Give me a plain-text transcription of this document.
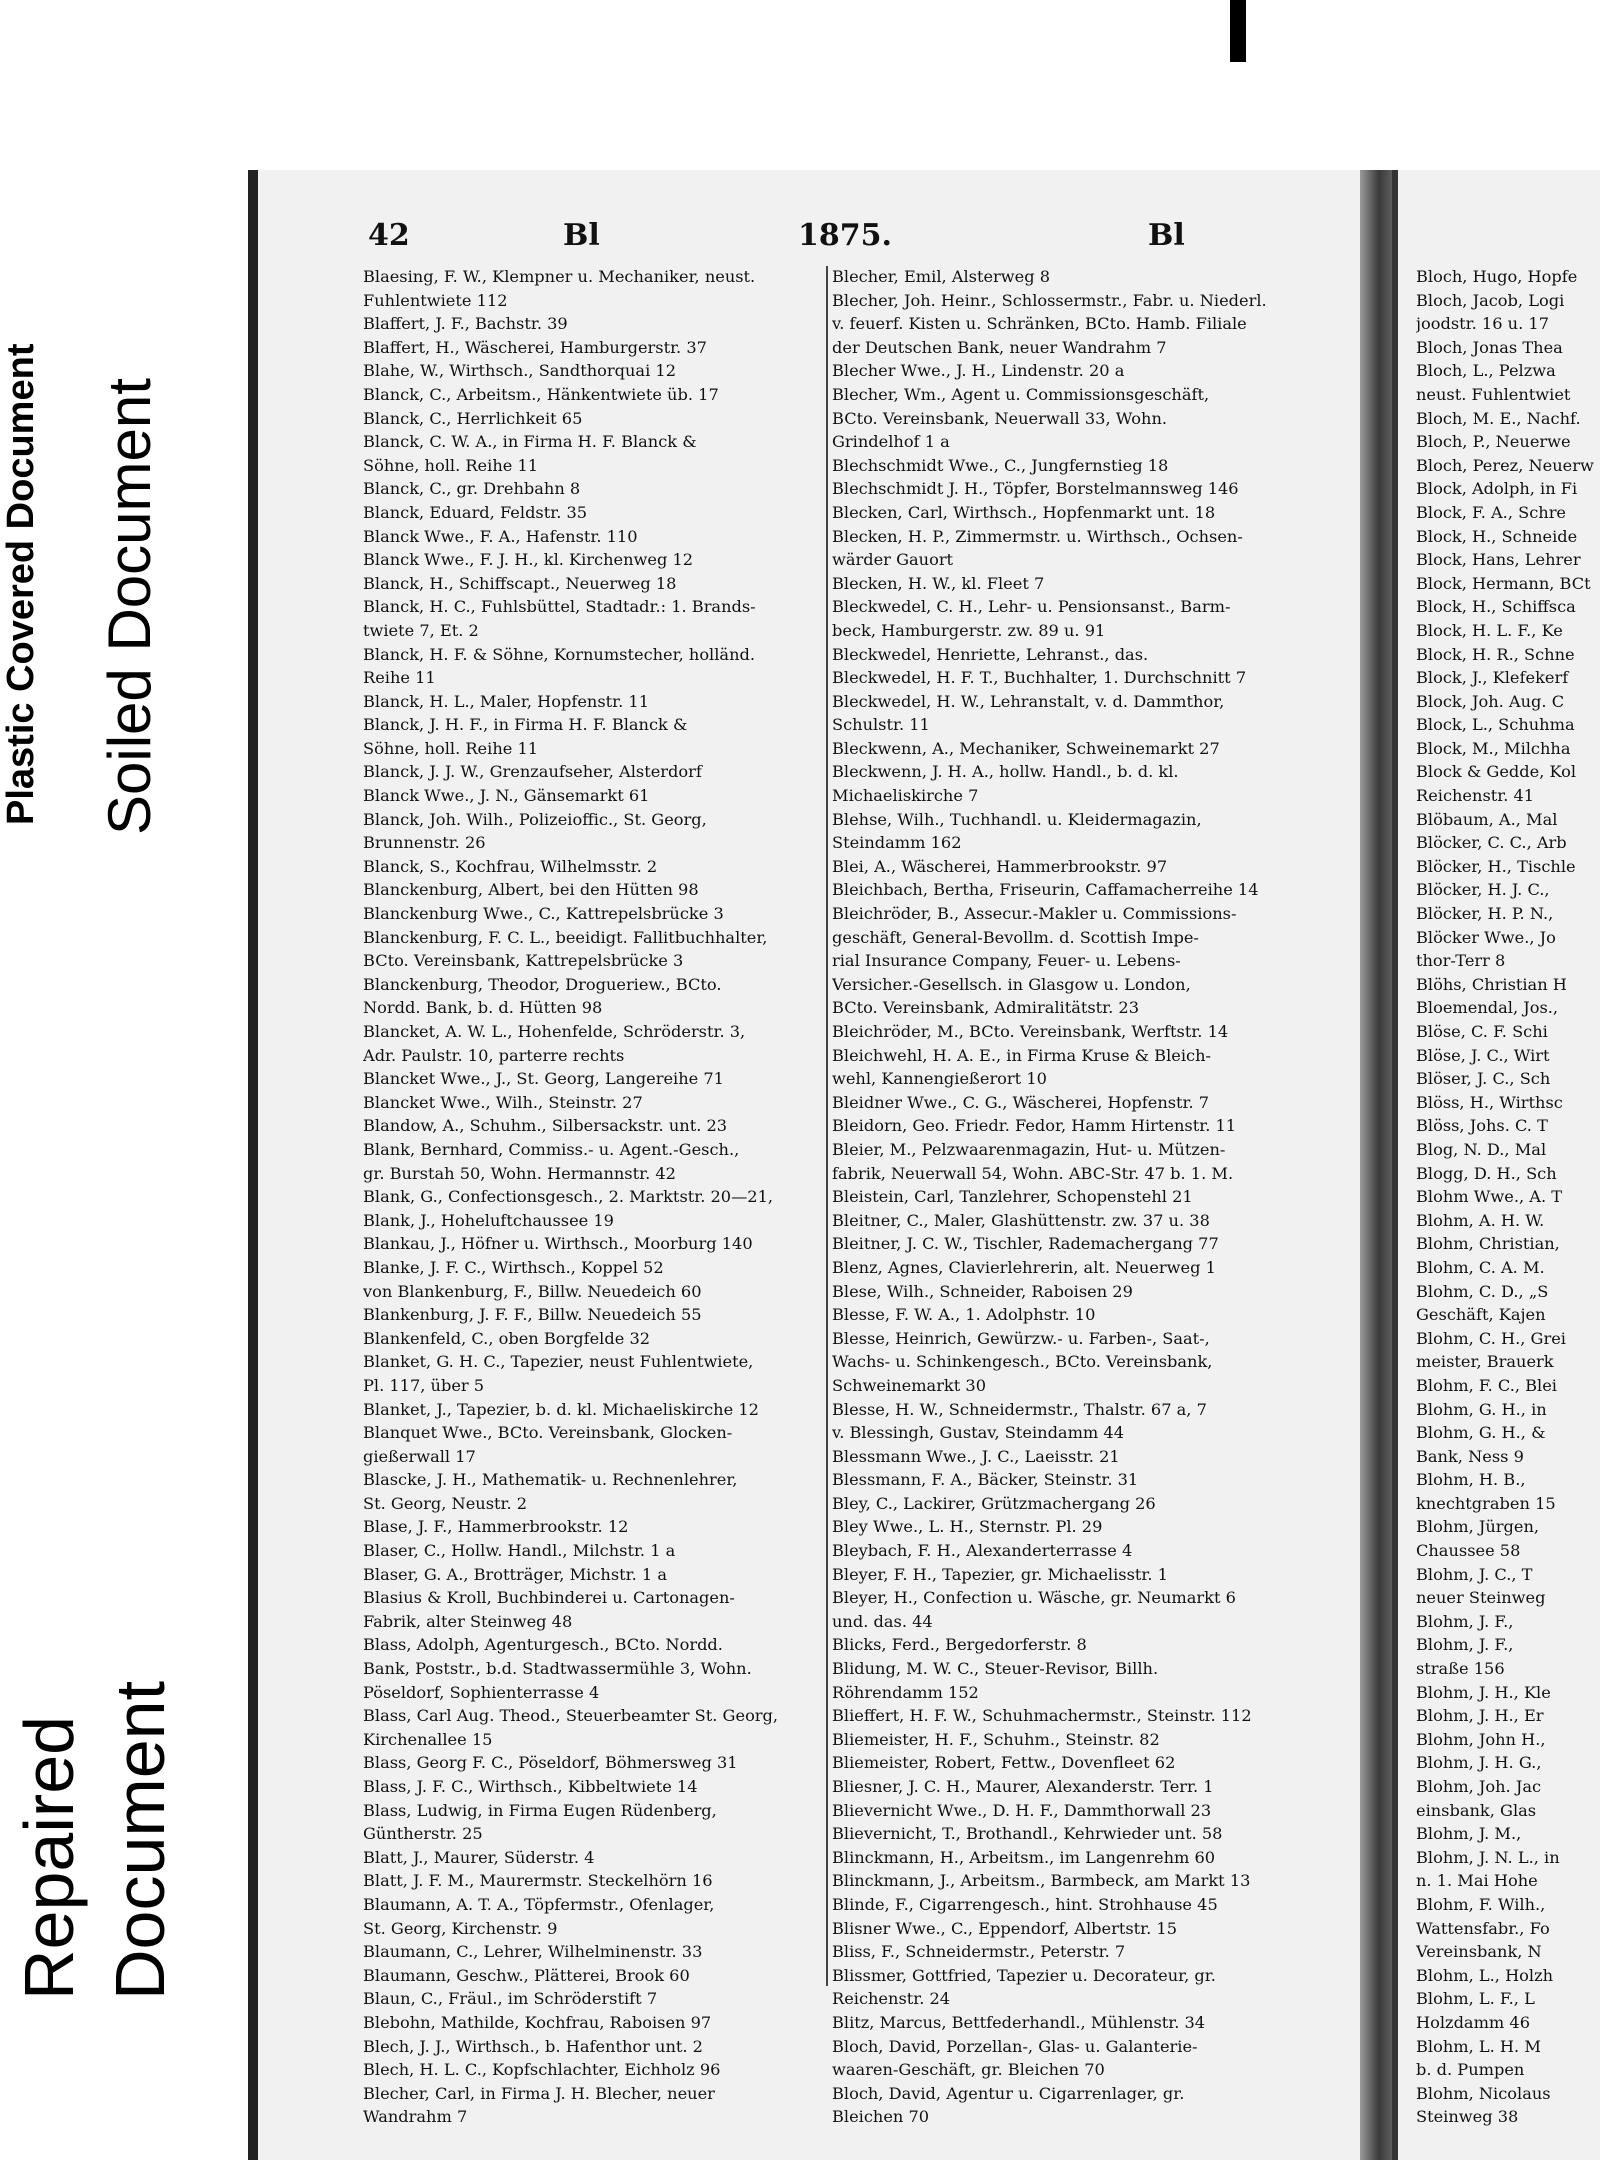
Plastic Covered Document Soiled Document
Repaired Document
42	Bl	1875.	Bl
Blaesing, F. W., Klempner u. Mechaniker, neust.
Fuhlentwiete 112
Blaffert, J. F., Bachstr. 39
Blaffert, H., Wäscherei, Hamburgerstr. 37
Blahe, W., Wirthsch., Sandthorquai 12
Blanck, C., Arbeitsm., Hänkentwiete üb. 17
Blanck, C., Herrlichkeit 65
Blanck, C. W. A., in Firma H. F. Blanck &
Söhne, holl. Reihe 11
Blanck, C., gr. Drehbahn 8
Blanck, Eduard, Feldstr. 35
Blanck Wwe., F. A., Hafenstr. 110
Blanck Wwe., F. J. H., kl. Kirchenweg 12
Blanck, H., Schiffscapt., Neuerweg 18
Blanck, H. C., Fuhlsbüttel, Stadtadr.: 1. Brands-
twiete 7, Et. 2
Blanck, H. F. & Söhne, Kornumstecher, holländ.
Reihe 11
Blanck, H. L., Maler, Hopfenstr. 11
Blanck, J. H. F., in Firma H. F. Blanck &
Söhne, holl. Reihe 11
Blanck, J. J. W., Grenzaufseher, Alsterdorf
Blanck Wwe., J. N., Gänsemarkt 61
Blanck, Joh. Wilh., Polizeioffic., St. Georg,
Brunnenstr. 26
Blanck, S., Kochfrau, Wilhelmsstr. 2
Blanckenburg, Albert, bei den Hütten 98
Blanckenburg Wwe., C., Kattrepelsbrücke 3
Blanckenburg, F. C. L., beeidigt. Fallitbuchhalter,
BCto. Vereinsbank, Kattrepelsbrücke 3
Blanckenburg, Theodor, Drogueriew., BCto.
Nordd. Bank, b. d. Hütten 98
Blancket, A. W. L., Hohenfelde, Schröderstr. 3,
Adr. Paulstr. 10, parterre rechts
Blancket Wwe., J., St. Georg, Langereihe 71
Blancket Wwe., Wilh., Steinstr. 27
Blandow, A., Schuhm., Silbersackstr. unt. 23
Blank, Bernhard, Commiss.- u. Agent.-Gesch.,
gr. Burstah 50, Wohn. Hermannstr. 42
Blank, G., Confectionsgesch., 2. Marktstr. 20—21,
Blank, J., Hoheluftchaussee 19
Blankau, J., Höfner u. Wirthsch., Moorburg 140
Blanke, J. F. C., Wirthsch., Koppel 52
von Blankenburg, F., Billw. Neuedeich 60
Blankenburg, J. F. F., Billw. Neuedeich 55
Blankenfeld, C., oben Borgfelde 32
Blanket, G. H. C., Tapezier, neust Fuhlentwiete,
Pl. 117, über 5
Blanket, J., Tapezier, b. d. kl. Michaeliskirche 12
Blanquet Wwe., BCto. Vereinsbank, Glocken-
gießerwall 17
Blascke, J. H., Mathematik- u. Rechnenlehrer,
St. Georg, Neustr. 2
Blase, J. F., Hammerbrookstr. 12
Blaser, C., Hollw. Handl., Milchstr. 1 a
Blaser, G. A., Brotträger, Michstr. 1 a
Blasius & Kroll, Buchbinderei u. Cartonagen-
Fabrik, alter Steinweg 48
Blass, Adolph, Agenturgesch., BCto. Nordd.
Bank, Poststr., b.d. Stadtwassermühle 3, Wohn.
Pöseldorf, Sophienterrasse 4
Blass, Carl Aug. Theod., Steuerbeamter St. Georg,
Kirchenallee 15
Blass, Georg F. C., Pöseldorf, Böhmersweg 31
Blass, J. F. C., Wirthsch., Kibbeltwiete 14
Blass, Ludwig, in Firma Eugen Rüdenberg,
Güntherstr. 25
Blatt, J., Maurer, Süderstr. 4
Blatt, J. F. M., Maurermstr. Steckelhörn 16
Blaumann, A. T. A., Töpfermstr., Ofenlager,
St. Georg, Kirchenstr. 9
Blaumann, C., Lehrer, Wilhelminenstr. 33
Blaumann, Geschw., Plätterei, Brook 60
Blaun, C., Fräul., im Schröderstift 7
Blebohn, Mathilde, Kochfrau, Raboisen 97
Blech, J. J., Wirthsch., b. Hafenthor unt. 2
Blech, H. L. C., Kopfschlachter, Eichholz 96
Blecher, Carl, in Firma J. H. Blecher, neuer
Wandrahm 7
Blecher, Emil, Alsterweg 8
Blecher, Joh. Heinr., Schlossermstr., Fabr. u. Niederl.
v. feuerf. Kisten u. Schränken, BCto. Hamb. Filiale
der Deutschen Bank, neuer Wandrahm 7
Blecher Wwe., J. H., Lindenstr. 20 a
Blecher, Wm., Agent u. Commissionsgeschäft,
BCto. Vereinsbank, Neuerwall 33, Wohn.
Grindelhof 1 a
Blechschmidt Wwe., C., Jungfernstieg 18
Blechschmidt J. H., Töpfer, Borstelmannsweg 146
Blecken, Carl, Wirthsch., Hopfenmarkt unt. 18
Blecken, H. P., Zimmermstr. u. Wirthsch., Ochsen-
wärder Gauort
Blecken, H. W., kl. Fleet 7
Bleckwedel, C. H., Lehr- u. Pensionsanst., Barm-
beck, Hamburgerstr. zw. 89 u. 91
Bleckwedel, Henriette, Lehranst., das.
Bleckwedel, H. F. T., Buchhalter, 1. Durchschnitt 7
Bleckwedel, H. W., Lehranstalt, v. d. Dammthor,
Schulstr. 11
Bleckwenn, A., Mechaniker, Schweinemarkt 27
Bleckwenn, J. H. A., hollw. Handl., b. d. kl.
Michaeliskirche 7
Blehse, Wilh., Tuchhandl. u. Kleidermagazin,
Steindamm 162
Blei, A., Wäscherei, Hammerbrookstr. 97
Bleichbach, Bertha, Friseurin, Caffamacherreihe 14
Bleichröder, B., Assecur.-Makler u. Commissions-
geschäft, General-Bevollm. d. Scottish Impe-
rial Insurance Company, Feuer- u. Lebens-
Versicher.-Gesellsch. in Glasgow u. London,
BCto. Vereinsbank, Admiralitätstr. 23
Bleichröder, M., BCto. Vereinsbank, Werftstr. 14
Bleichwehl, H. A. E., in Firma Kruse & Bleich-
wehl, Kannengießerort 10
Bleidner Wwe., C. G., Wäscherei, Hopfenstr. 7
Bleidorn, Geo. Friedr. Fedor, Hamm Hirtenstr. 11
Bleier, M., Pelzwaarenmagazin, Hut- u. Mützen-
fabrik, Neuerwall 54, Wohn. ABC-Str. 47 b. 1. M.
Bleistein, Carl, Tanzlehrer, Schopenstehl 21
Bleitner, C., Maler, Glashüttenstr. zw. 37 u. 38
Bleitner, J. C. W., Tischler, Rademachergang 77
Blenz, Agnes, Clavierlehrerin, alt. Neuerweg 1
Blese, Wilh., Schneider, Raboisen 29
Blesse, F. W. A., 1. Adolphstr. 10
Blesse, Heinrich, Gewürzw.- u. Farben-, Saat-,
Wachs- u. Schinkengesch., BCto. Vereinsbank,
Schweinemarkt 30
Blesse, H. W., Schneidermstr., Thalstr. 67 a, 7
v. Blessingh, Gustav, Steindamm 44
Blessmann Wwe., J. C., Laeisstr. 21
Blessmann, F. A., Bäcker, Steinstr. 31
Bley, C., Lackirer, Grützmachergang 26
Bley Wwe., L. H., Sternstr. Pl. 29
Bleybach, F. H., Alexanderterrasse 4
Bleyer, F. H., Tapezier, gr. Michaelisstr. 1
Bleyer, H., Confection u. Wäsche, gr. Neumarkt 6
und. das. 44
Blicks, Ferd., Bergedorferstr. 8
Blidung, M. W. C., Steuer-Revisor, Billh.
Röhrendamm 152
Blieffert, H. F. W., Schuhmachermstr., Steinstr. 112
Bliemeister, H. F., Schuhm., Steinstr. 82
Bliemeister, Robert, Fettw., Dovenfleet 62
Bliesner, J. C. H., Maurer, Alexanderstr. Terr. 1
Blievernicht Wwe., D. H. F., Dammthorwall 23
Blievernicht, T., Brothandl., Kehrwieder unt. 58
Blinckmann, H., Arbeitsm., im Langenrehm 60
Blinckmann, J., Arbeitsm., Barmbeck, am Markt 13
Blinde, F., Cigarrengesch., hint. Strohhause 45
Blisner Wwe., C., Eppendorf, Albertstr. 15
Bliss, F., Schneidermstr., Peterstr. 7
Blissmer, Gottfried, Tapezier u. Decorateur, gr.
Reichenstr. 24
Blitz, Marcus, Bettfederhandl., Mühlenstr. 34
Bloch, David, Porzellan-, Glas- u. Galanterie-
waaren-Geschäft, gr. Bleichen 70
Bloch, David, Agentur u. Cigarrenlager, gr.
Bleichen 70
Bloch, Hugo, Hopfe
Bloch, Jacob, Logi
joodstr. 16 u. 17
Bloch, Jonas Thea
Bloch, L., Pelzwa
neust. Fuhlentwiet
Bloch, M. E., Nachf.
Bloch, P., Neuerwe
Bloch, Perez, Neuerw
Block, Adolph, in Fi
Block, F. A., Schre
Block, H., Schneide
Block, Hans, Lehrer
Block, Hermann, BCt
Block, H., Schiffsca
Block, H. L. F., Ke
Block, H. R., Schne
Block, J., Klefekerf
Block, Joh. Aug. C
Block, L., Schuhma
Block, M., Milchha
Block & Gedde, Kol
Reichenstr. 41
Blöbaum, A., Mal
Blöcker, C. C., Arb
Blöcker, H., Tischle
Blöcker, H. J. C.,
Blöcker, H. P. N.,
Blöcker Wwe., Jo
thor-Terr 8
Blöhs, Christian H
Bloemendal, Jos.,
Blöse, C. F. Schi
Blöse, J. C., Wirt
Blöser, J. C., Sch
Blöss, H., Wirthsc
Blöss, Johs. C. T
Blog, N. D., Mal
Blogg, D. H., Sch
Blohm Wwe., A. T
Blohm, A. H. W.
Blohm, Christian,
Blohm, C. A. M.
Blohm, C. D., „S
Geschäft, Kajen
Blohm, C. H., Grei
meister, Brauerk
Blohm, F. C., Blei
Blohm, G. H., in
Blohm, G. H., &
Bank, Ness 9
Blohm, H. B.,
knechtgraben 15
Blohm, Jürgen,
Chaussee 58
Blohm, J. C., T
neuer Steinweg
Blohm, J. F.,
Blohm, J. F.,
straße 156
Blohm, J. H., Kle
Blohm, J. H., Er
Blohm, John H.,
Blohm, J. H. G.,
Blohm, Joh. Jac
einsbank, Glas
Blohm, J. M.,
Blohm, J. N. L., in
n. 1. Mai Hohe
Blohm, F. Wilh.,
Wattensfabr., Fo
Vereinsbank, N
Blohm, L., Holzh
Blohm, L. F., L
Holzdamm 46
Blohm, L. H. M
b. d. Pumpen
Blohm, Nicolaus
Steinweg 38
